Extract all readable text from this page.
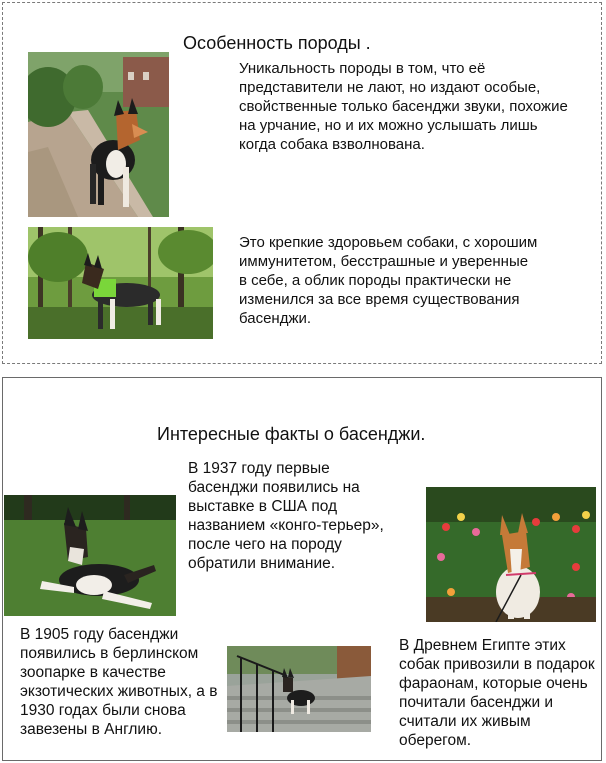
Особенность породы .
Уникальность породы в том, что её представители не лают, но издают особые, свойственные только басенджи звуки, похожие на урчание, но и их можно услышать лишь когда собака взволнована.
Это крепкие здоровьем собаки, с хорошим иммунитетом, бесстрашные и уверенные в себе, а облик породы практически не изменился за все время существования басенджи.
Интересные факты о басенджи.
В 1937 году первые басенджи появились на выставке в США под названием «конго-терьер», после чего на породу обратили внимание.
В 1905 году басенджи появились в берлинском зоопарке в качестве экзотических животных, а в 1930 годах были снова завезены в Англию.
В Древнем Египте этих собак привозили в подарок фараонам, которые очень почитали басенджи и считали их живым оберегом.
